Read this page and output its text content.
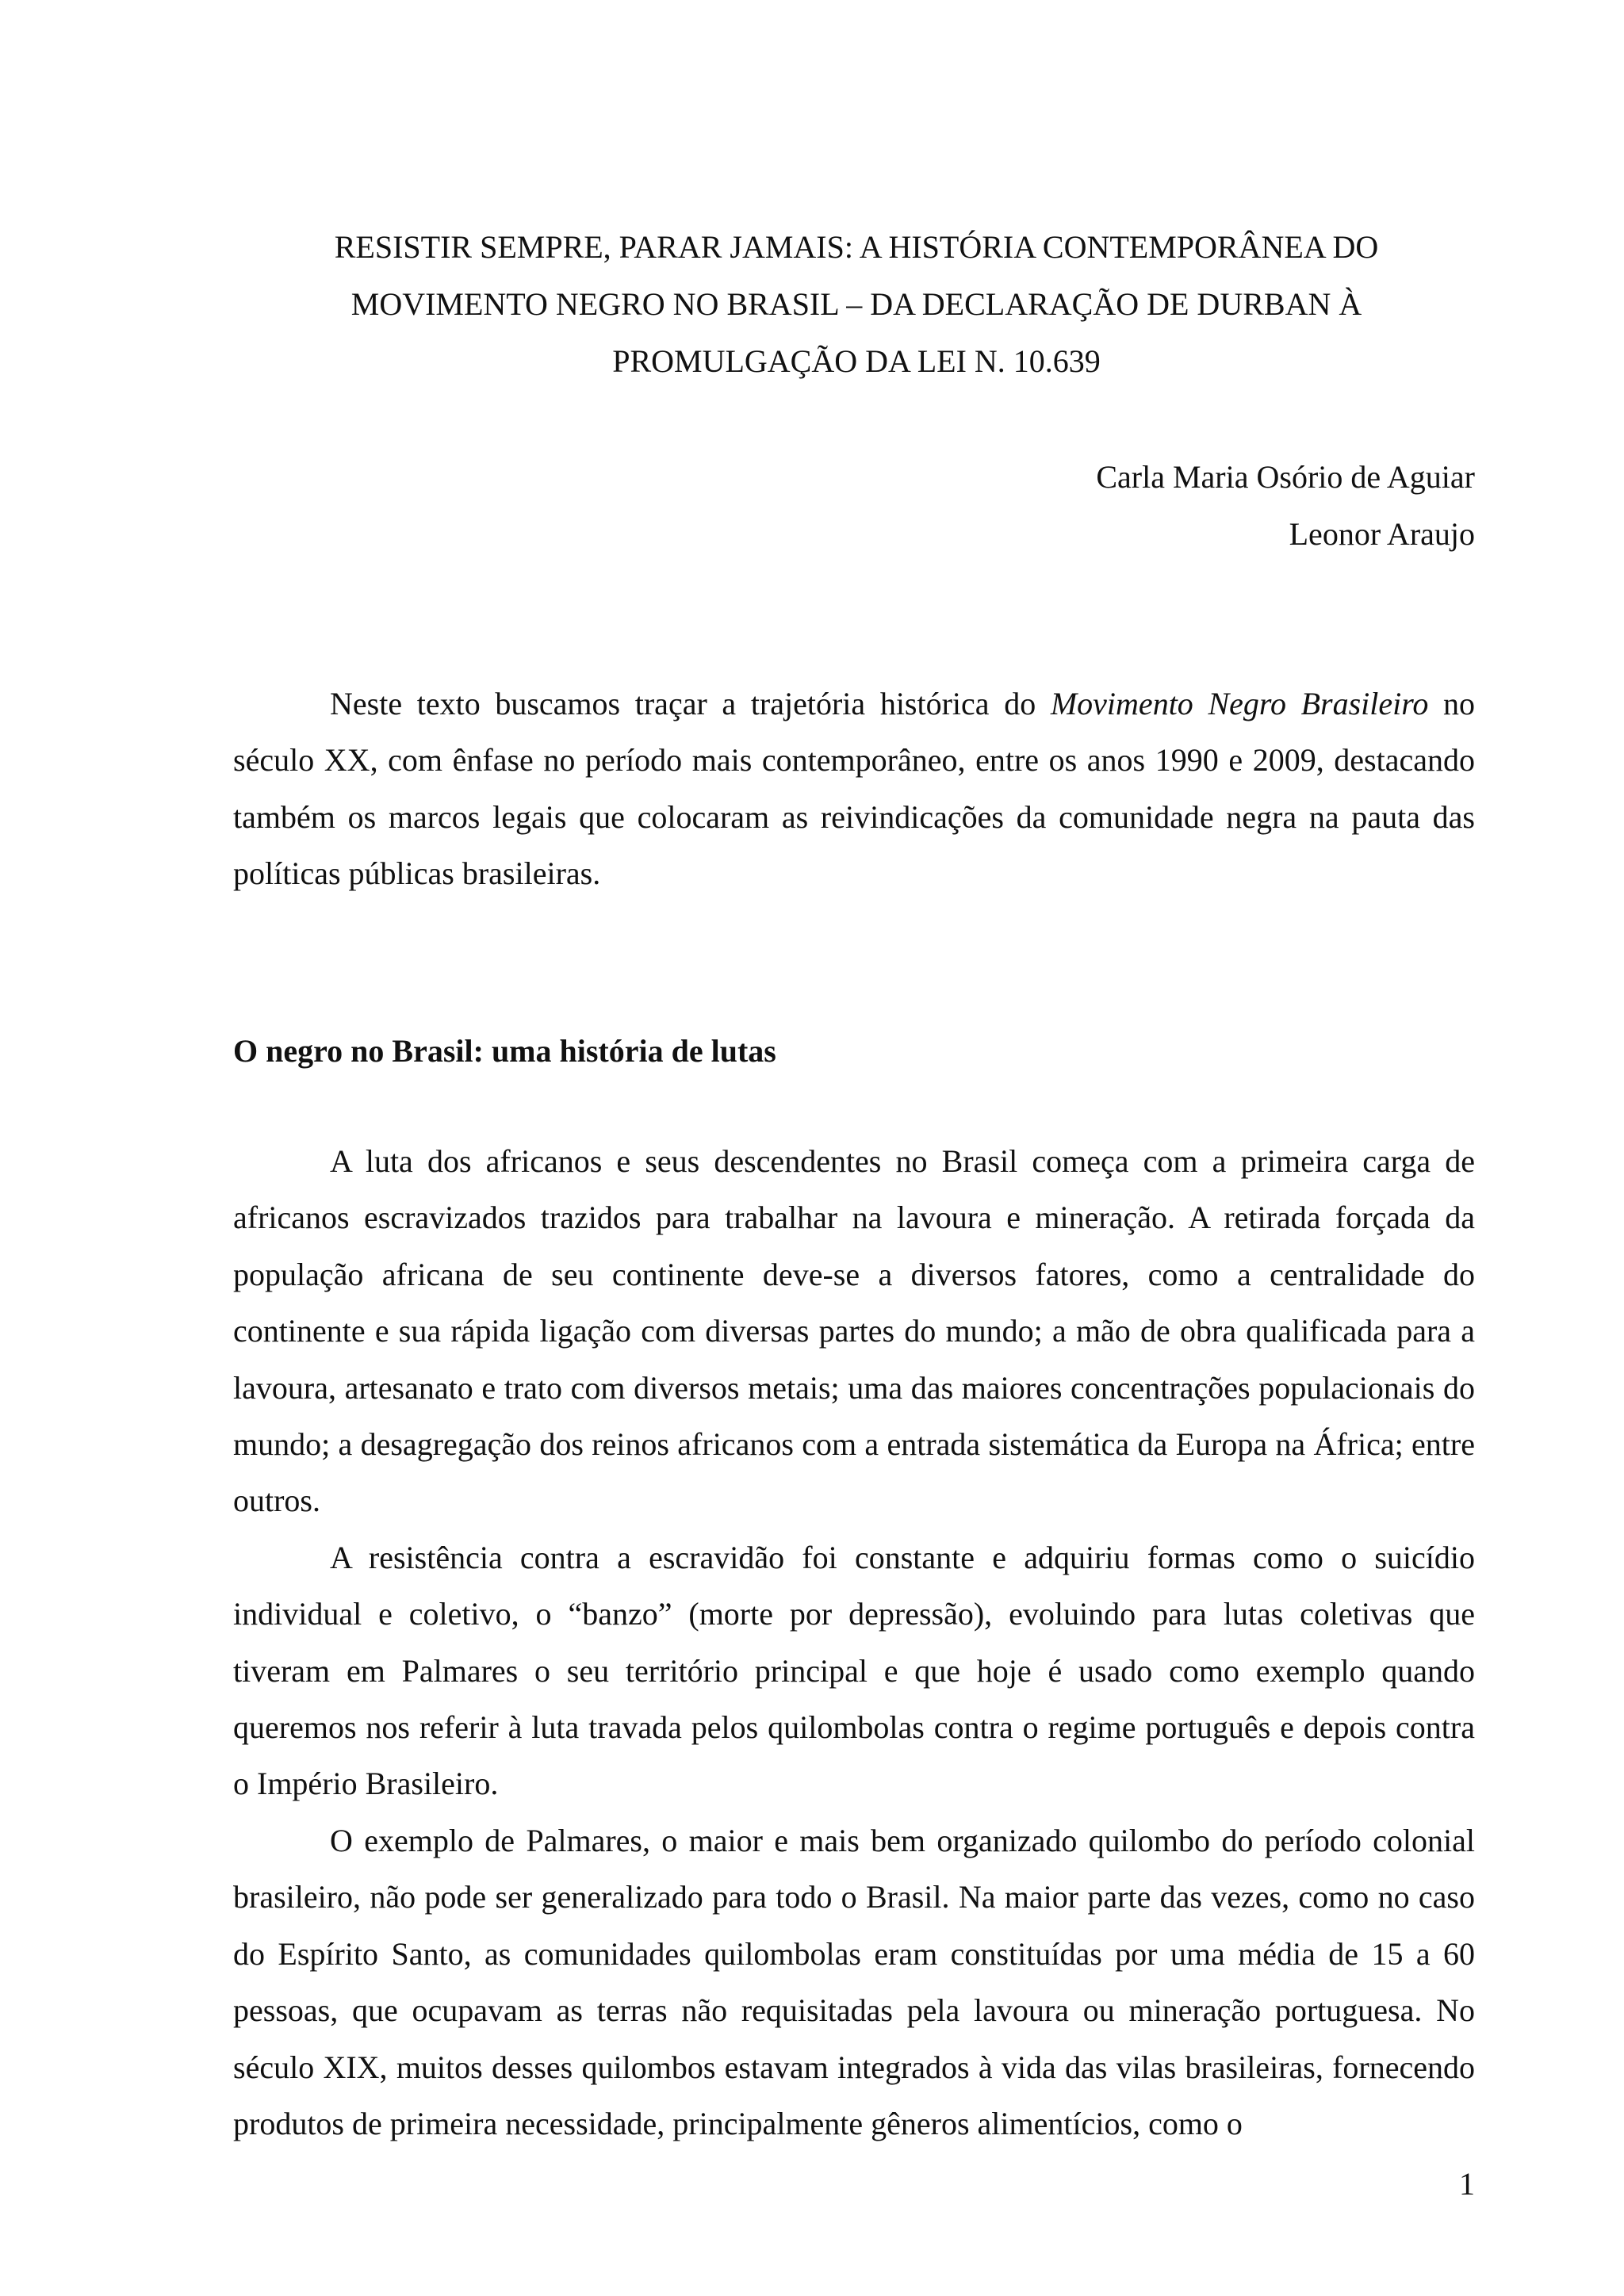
RESISTIR SEMPRE, PARAR JAMAIS: A HISTÓRIA CONTEMPORÂNEA DO
MOVIMENTO NEGRO NO BRASIL – DA DECLARAÇÃO DE DURBAN À
PROMULGAÇÃO DA LEI N. 10.639
Carla Maria Osório de Aguiar
Leonor Araujo

Neste texto buscamos traçar a trajetória histórica do Movimento Negro Brasileiro no século XX, com ênfase no período mais contemporâneo, entre os anos 1990 e 2009, destacando também os marcos legais que colocaram as reivindicações da comunidade negra na pauta das políticas públicas brasileiras.

O negro no Brasil: uma história de lutas

A luta dos africanos e seus descendentes no Brasil começa com a primeira carga de africanos escravizados trazidos para trabalhar na lavoura e mineração. A retirada forçada da população africana de seu continente deve-se a diversos fatores, como a centralidade do continente e sua rápida ligação com diversas partes do mundo; a mão de obra qualificada para a lavoura, artesanato e trato com diversos metais; uma das maiores concentrações populacionais do mundo; a desagregação dos reinos africanos com a entrada sistemática da Europa na África; entre outros.

A resistência contra a escravidão foi constante e adquiriu formas como o suicídio individual e coletivo, o “banzo” (morte por depressão), evoluindo para lutas coletivas que tiveram em Palmares o seu território principal e que hoje é usado como exemplo quando queremos nos referir à luta travada pelos quilombolas contra o regime português e depois contra o Império Brasileiro.

O exemplo de Palmares, o maior e mais bem organizado quilombo do período colonial brasileiro, não pode ser generalizado para todo o Brasil. Na maior parte das vezes, como no caso do Espírito Santo, as comunidades quilombolas eram constituídas por uma média de 15 a 60 pessoas, que ocupavam as terras não requisitadas pela lavoura ou mineração portuguesa. No século XIX, muitos desses quilombos estavam integrados à vida das vilas brasileiras, fornecendo produtos de primeira necessidade, principalmente gêneros alimentícios, como o

1
